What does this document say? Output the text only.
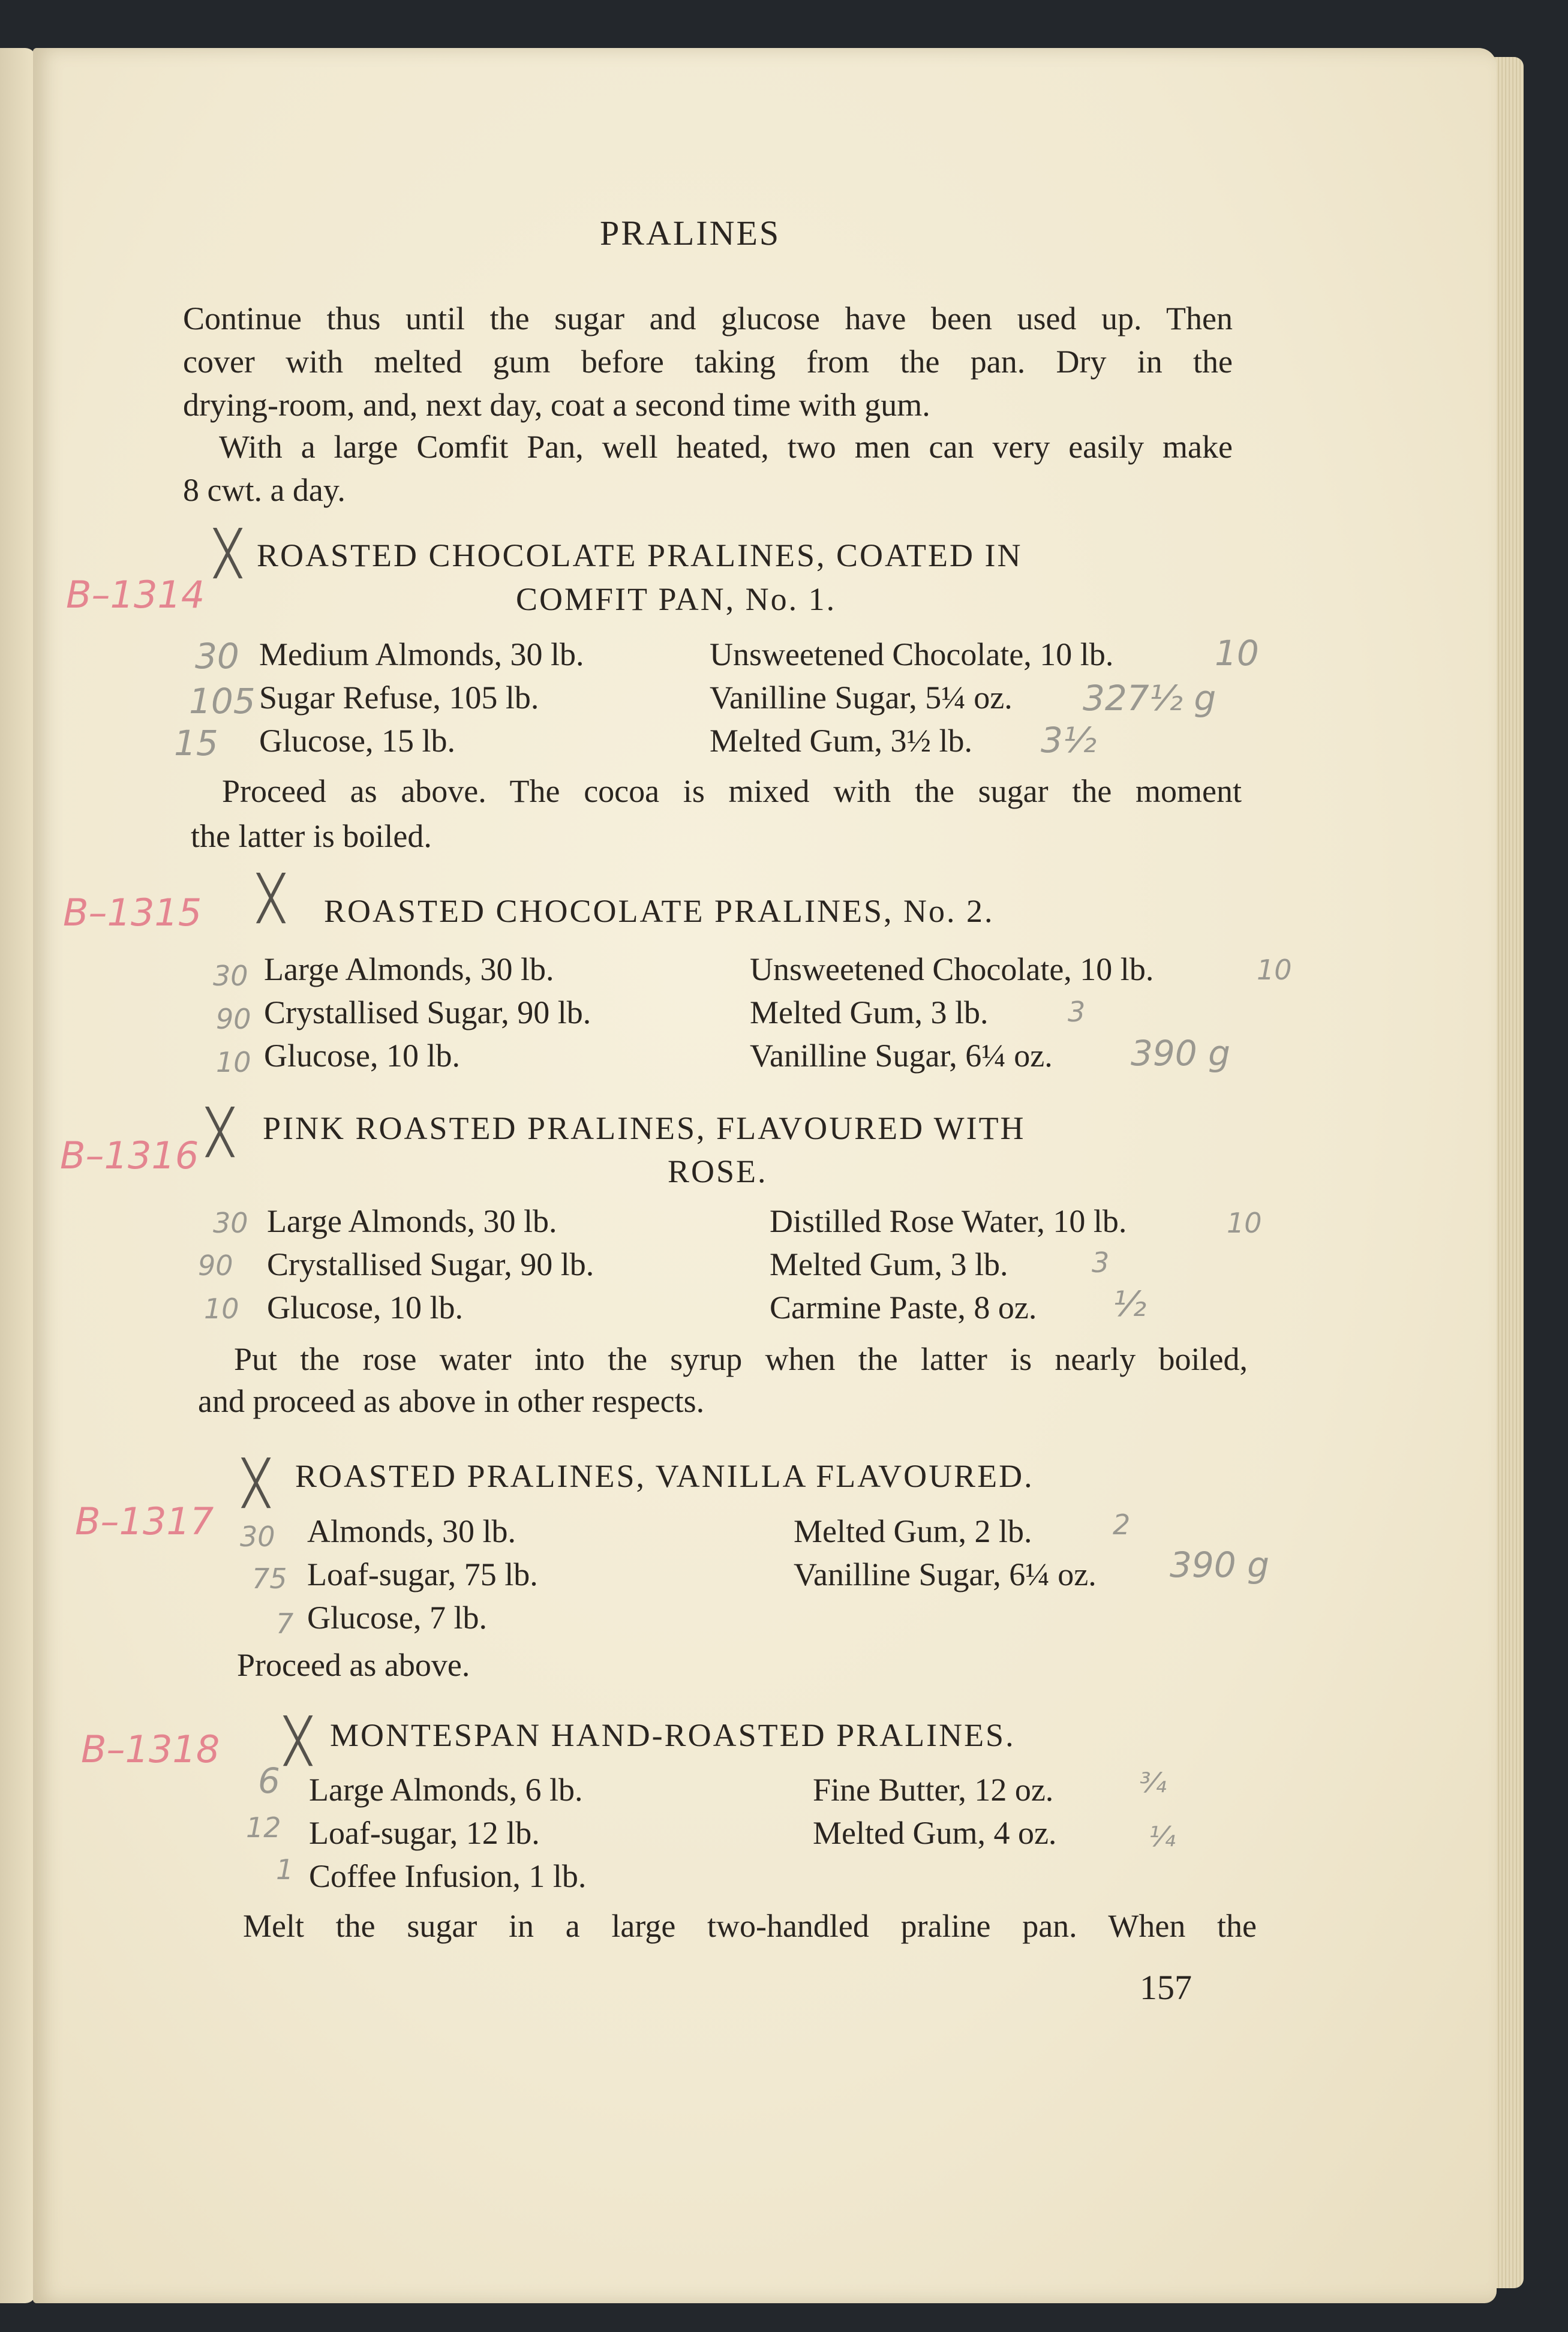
PRALINES
Continue thus until the sugar and glucose have been used up. Then
cover with melted gum before taking from the pan. Dry in the
drying-room, and, next day, coat a second time with gum.
With a large Comfit Pan, well heated, two men can very easily make
8 cwt. a day.
╳
B–1314
ROASTED CHOCOLATE PRALINES, COATED IN
COMFIT PAN, No. 1.
30
105
15
Medium Almonds, 30 lb.
Sugar Refuse, 105 lb.
Glucose, 15 lb.
Unsweetened Chocolate, 10 lb.
Vanilline Sugar, 5¼ oz.
Melted Gum, 3½ lb.
10
327½ g
3½
Proceed as above. The cocoa is mixed with the sugar the moment
the latter is boiled.
╳
B–1315	ROASTED CHOCOLATE PRALINES, No. 2.
30
90
10
Large Almonds, 30 lb.
Crystallised Sugar, 90 lb.
Glucose, 10 lb.
Unsweetened Chocolate, 10 lb.
Melted Gum, 3 lb.
Vanilline Sugar, 6¼ oz.
10
3
390 g
╳
B–1316
PINK ROASTED PRALINES, FLAVOURED WITH
ROSE.
30
90
10
Large Almonds, 30 lb.
Crystallised Sugar, 90 lb.
Glucose, 10 lb.
Distilled Rose Water, 10 lb.
Melted Gum, 3 lb.
Carmine Paste, 8 oz.
10
3
½
Put the rose water into the syrup when the latter is nearly boiled,
and proceed as above in other respects.
╳
B–1317
ROASTED PRALINES, VANILLA FLAVOURED.
30
75
7
Almonds, 30 lb.
Loaf-sugar, 75 lb.
Glucose, 7 lb.
Melted Gum, 2 lb.
Vanilline Sugar, 6¼ oz.
2
390 g
Proceed as above.
╳
B–1318	MONTESPAN HAND-ROASTED PRALINES.
6
12
1
Large Almonds, 6 lb.
Loaf-sugar, 12 lb.
Coffee Infusion, 1 lb.
Fine Butter, 12 oz.
Melted Gum, 4 oz.
¾
¼
Melt the sugar in a large two-handled praline pan. When the
157
